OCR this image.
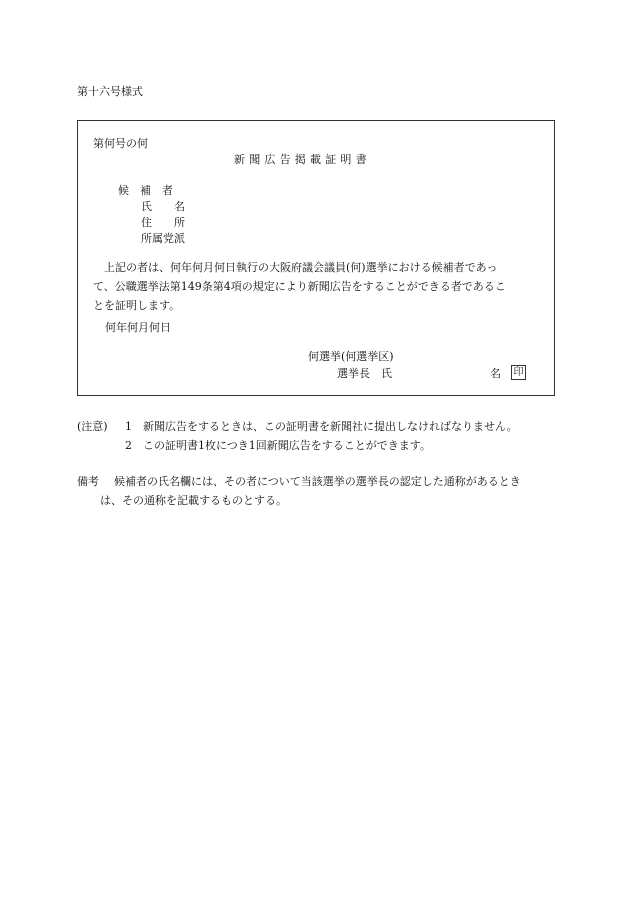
第十六号様式
第何号の何
新聞広告掲載証明書
候　補　者
氏　　名
住　　所
所属党派
上記の者は、何年何月何日執行の大阪府議会議員(何)選挙における候補者であっ
て、公職選挙法第149条第4項の規定により新聞広告をすることができる者であるこ
とを証明します。
何年何月何日
何選挙(何選挙区)
選挙長　氏	名 印
(注意) 1 新聞広告をするときは、この証明書を新聞社に提出しなければなりません。
2 この証明書1枚につき1回新聞広告をすることができます。
備考 候補者の氏名欄には、その者について当該選挙の選挙長の認定した通称があるとき
は、その通称を記載するものとする。
